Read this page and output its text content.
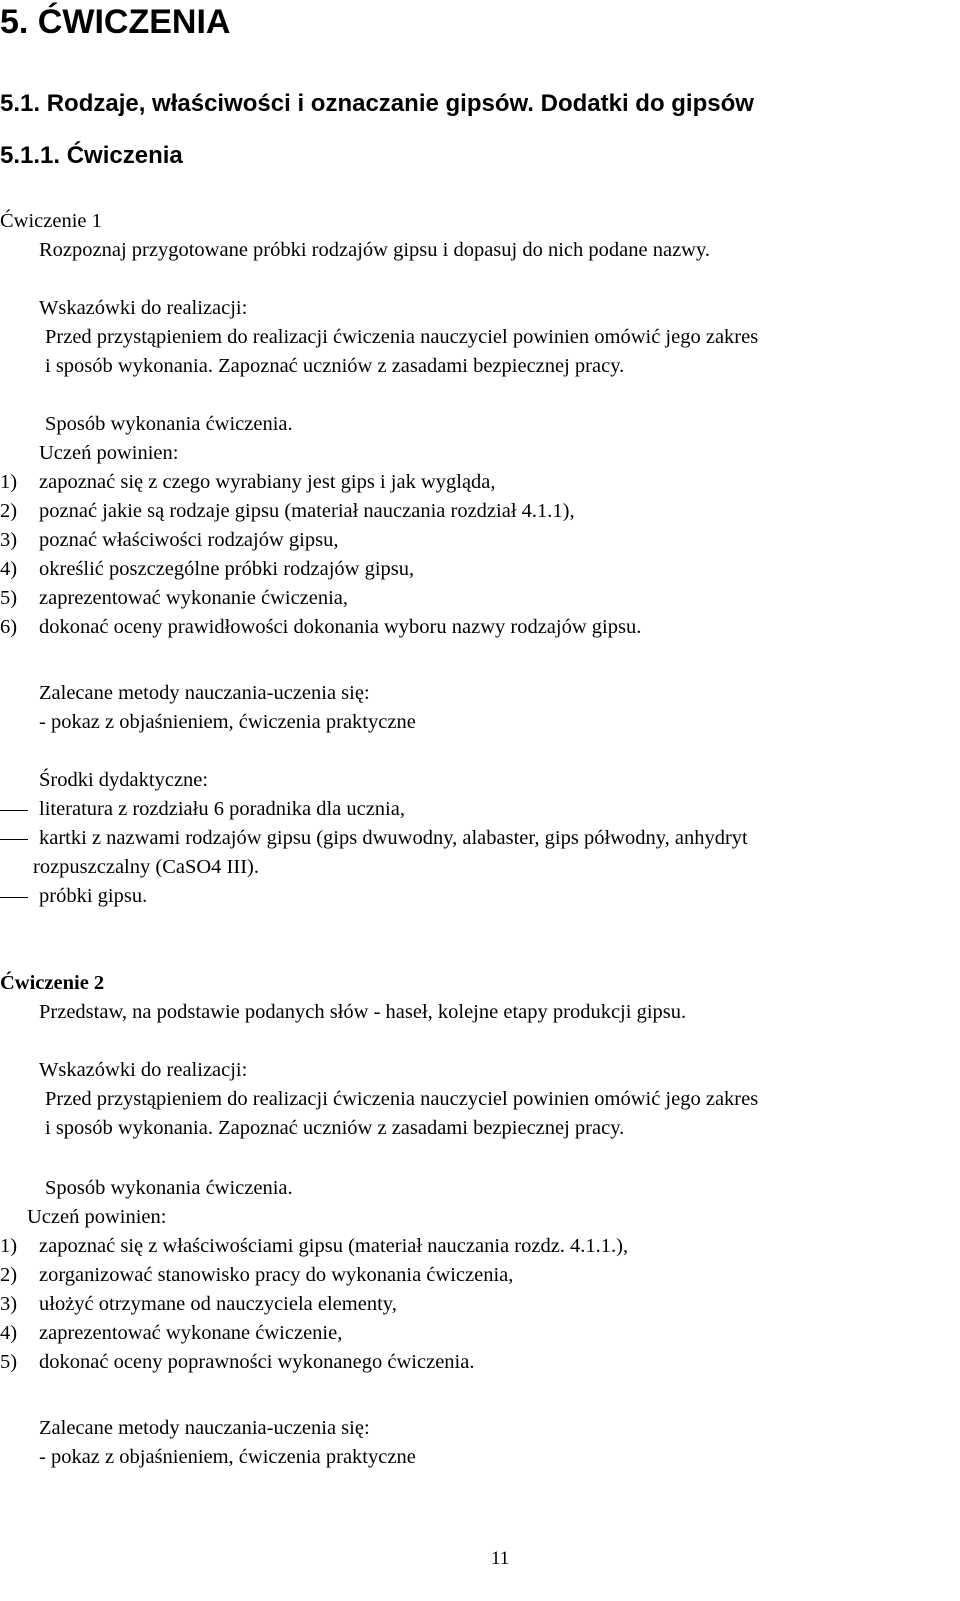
5. ĆWICZENIA
5.1. Rodzaje, właściwości i oznaczanie gipsów. Dodatki do gipsów
5.1.1. Ćwiczenia
Ćwiczenie 1
Rozpoznaj przygotowane próbki rodzajów gipsu i dopasuj do nich podane nazwy.
Wskazówki do realizacji:
Przed przystąpieniem do realizacji ćwiczenia nauczyciel powinien omówić jego zakres
i sposób wykonania. Zapoznać uczniów z zasadami bezpiecznej pracy.
Sposób wykonania ćwiczenia.
Uczeń powinien:
1)	zapoznać się z czego wyrabiany jest gips i jak wygląda,
2)	poznać jakie są rodzaje gipsu (materiał nauczania rozdział 4.1.1),
3)	poznać właściwości rodzajów gipsu,
4)	określić poszczególne próbki rodzajów gipsu,
5)	zaprezentować wykonanie ćwiczenia,
6)	dokonać oceny prawidłowości dokonania wyboru nazwy rodzajów gipsu.
Zalecane metody nauczania-uczenia się:
- pokaz z objaśnieniem, ćwiczenia praktyczne
Środki dydaktyczne:
literatura z rozdziału 6 poradnika dla ucznia,
kartki z nazwami rodzajów gipsu (gips dwuwodny, alabaster, gips półwodny, anhydryt
rozpuszczalny (CaSO4 III).
próbki gipsu.
Ćwiczenie 2
Przedstaw, na podstawie podanych słów - haseł, kolejne etapy produkcji gipsu.
Wskazówki do realizacji:
Przed przystąpieniem do realizacji ćwiczenia nauczyciel powinien omówić jego zakres
i sposób wykonania. Zapoznać uczniów z zasadami bezpiecznej pracy.
Sposób wykonania ćwiczenia.
Uczeń powinien:
1)	zapoznać się z właściwościami gipsu (materiał nauczania rozdz. 4.1.1.),
2)	zorganizować stanowisko pracy do wykonania ćwiczenia,
3)	ułożyć otrzymane od nauczyciela elementy,
4)	zaprezentować wykonane ćwiczenie,
5)	dokonać oceny poprawności wykonanego ćwiczenia.
Zalecane metody nauczania-uczenia się:
- pokaz z objaśnieniem, ćwiczenia praktyczne
11
